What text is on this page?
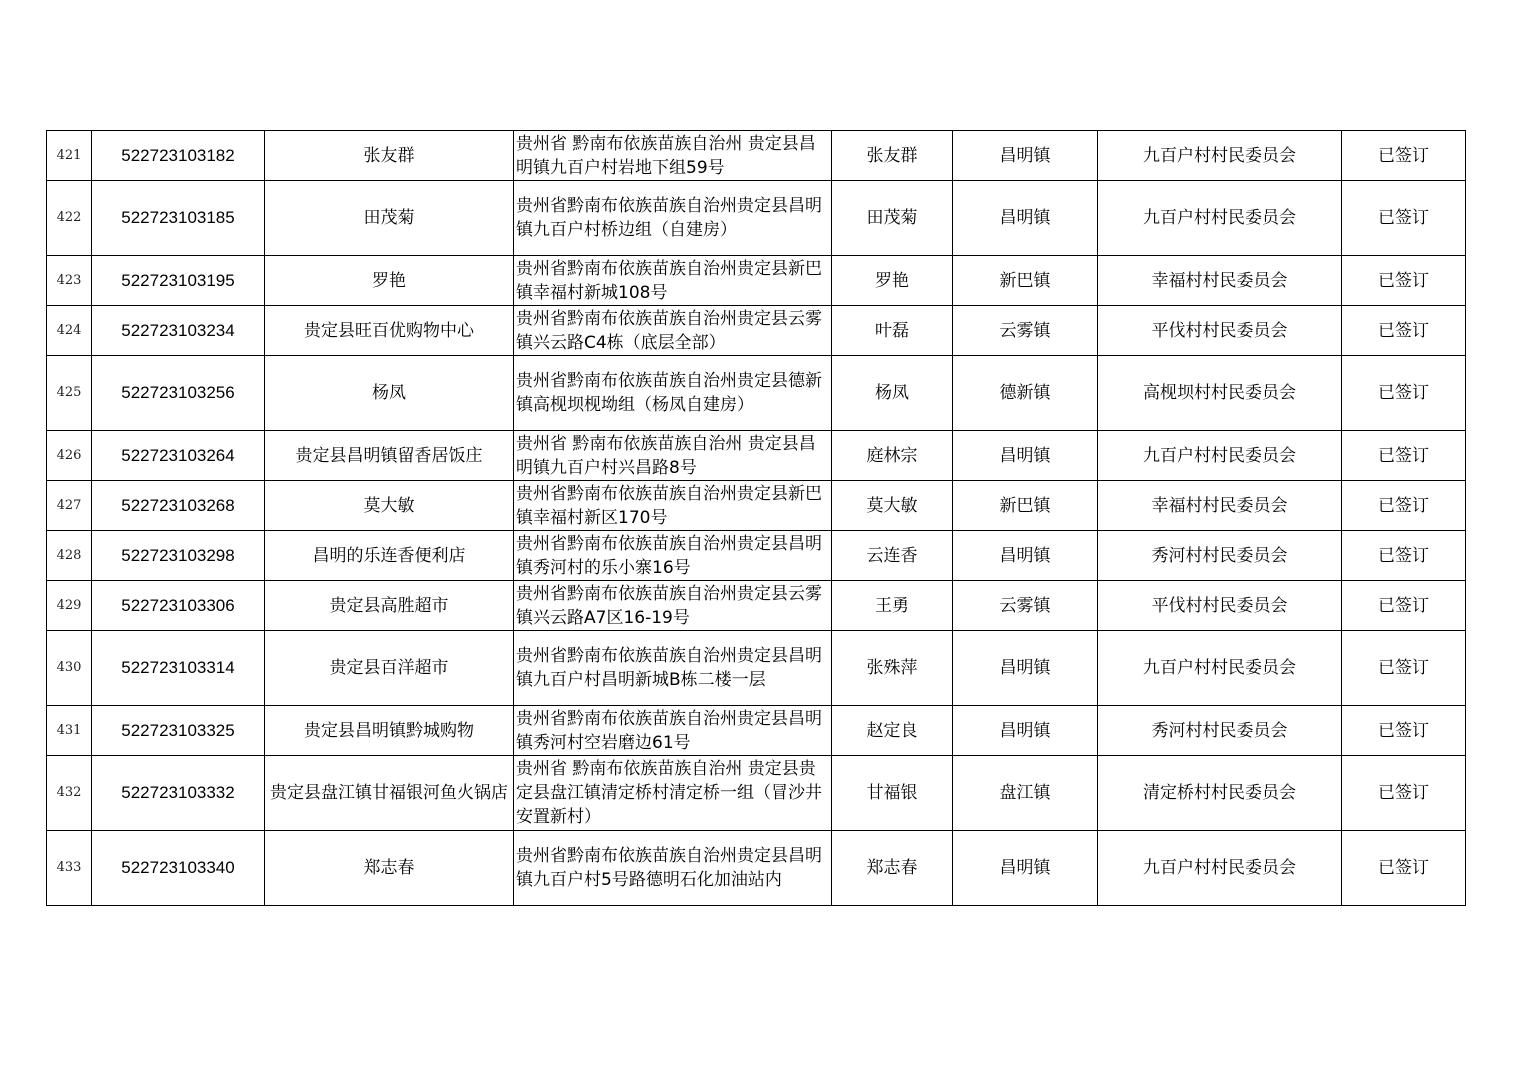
421	522723103182	张友群	贵州省 黔南布依族苗族自治州 贵定县昌明镇九百户村岩地下组59号	张友群	昌明镇	九百户村村民委员会	已签订
422	522723103185	田茂菊	贵州省黔南布依族苗族自治州贵定县昌明镇九百户村桥边组（自建房）	田茂菊	昌明镇	九百户村村民委员会	已签订
423	522723103195	罗艳	贵州省黔南布依族苗族自治州贵定县新巴镇幸福村新城108号	罗艳	新巴镇	幸福村村民委员会	已签订
424	522723103234	贵定县旺百优购物中心	贵州省黔南布依族苗族自治州贵定县云雾镇兴云路C4栋（底层全部）	叶磊	云雾镇	平伐村村民委员会	已签订
425	522723103256	杨凤	贵州省黔南布依族苗族自治州贵定县德新镇高枧坝枧坳组（杨凤自建房）	杨凤	德新镇	高枧坝村村民委员会	已签订
426	522723103264	贵定县昌明镇留香居饭庄	贵州省 黔南布依族苗族自治州 贵定县昌明镇九百户村兴昌路8号	庭林宗	昌明镇	九百户村村民委员会	已签订
427	522723103268	莫大敏	贵州省黔南布依族苗族自治州贵定县新巴镇幸福村新区170号	莫大敏	新巴镇	幸福村村民委员会	已签订
428	522723103298	昌明的乐连香便利店	贵州省黔南布依族苗族自治州贵定县昌明镇秀河村的乐小寨16号	云连香	昌明镇	秀河村村民委员会	已签订
429	522723103306	贵定县高胜超市	贵州省黔南布依族苗族自治州贵定县云雾镇兴云路A7区16-19号	王勇	云雾镇	平伐村村民委员会	已签订
430	522723103314	贵定县百洋超市	贵州省黔南布依族苗族自治州贵定县昌明镇九百户村昌明新城B栋二楼一层	张殊萍	昌明镇	九百户村村民委员会	已签订
431	522723103325	贵定县昌明镇黔城购物	贵州省黔南布依族苗族自治州贵定县昌明镇秀河村空岩磨边61号	赵定良	昌明镇	秀河村村民委员会	已签订
432	522723103332	贵定县盘江镇甘福银河鱼火锅店	贵州省 黔南布依族苗族自治州 贵定县贵定县盘江镇清定桥村清定桥一组（冒沙井安置新村）	甘福银	盘江镇	清定桥村村民委员会	已签订
433	522723103340	郑志春	贵州省黔南布依族苗族自治州贵定县昌明镇九百户村5号路德明石化加油站内	郑志春	昌明镇	九百户村村民委员会	已签订
